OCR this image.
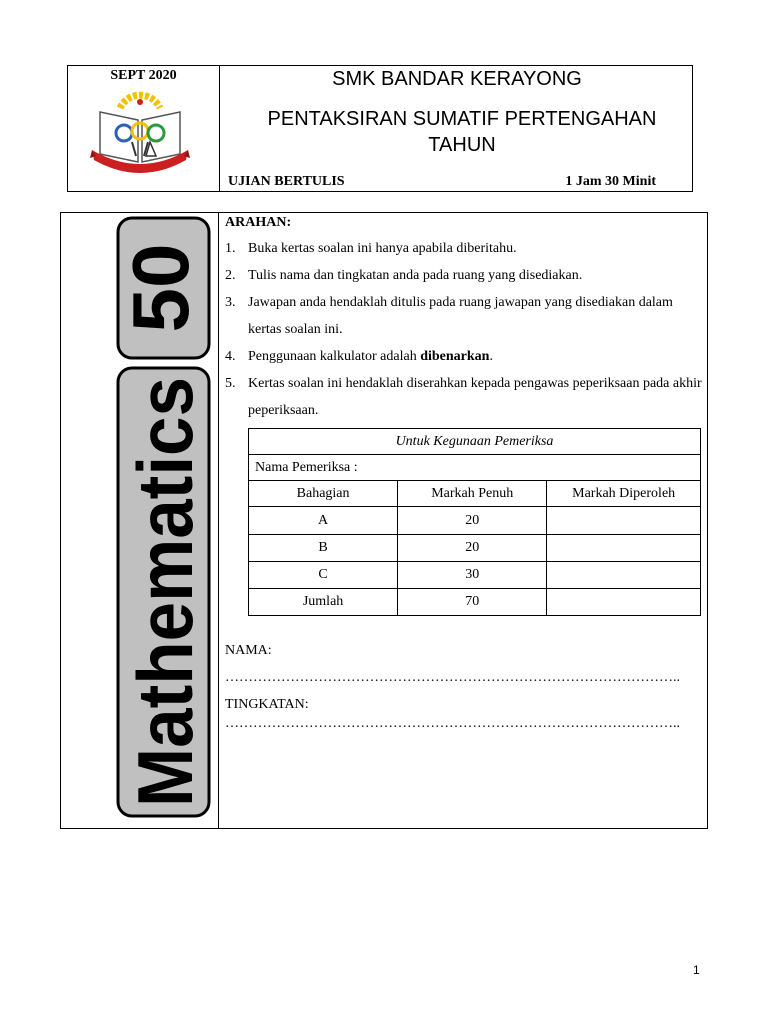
SEPT 2020	SMK BANDAR KERAYONG
PENTAKSIRAN SUMATIF PERTENGAHAN TAHUN
UJIAN BERTULIS	1 Jam 30 Minit
50
Mathematics
ARAHAN:
1. Buka kertas soalan ini hanya apabila diberitahu.
2. Tulis nama dan tingkatan anda pada ruang yang disediakan.
3. Jawapan anda hendaklah ditulis pada ruang jawapan yang disediakan dalam kertas soalan ini.
4. Penggunaan kalkulator adalah dibenarkan.
5. Kertas soalan ini hendaklah diserahkan kepada pengawas peperiksaan pada akhir peperiksaan.
Untuk Kegunaan Pemeriksa		
Nama Pemeriksa :		
Bahagian	Markah Penuh	Markah Diperoleh
A	20	
B	20	
C	30	
Jumlah	70	
NAMA:
……………………………………………………………………………………..
TINGKATAN:
……………………………………………………………………………………..
1
